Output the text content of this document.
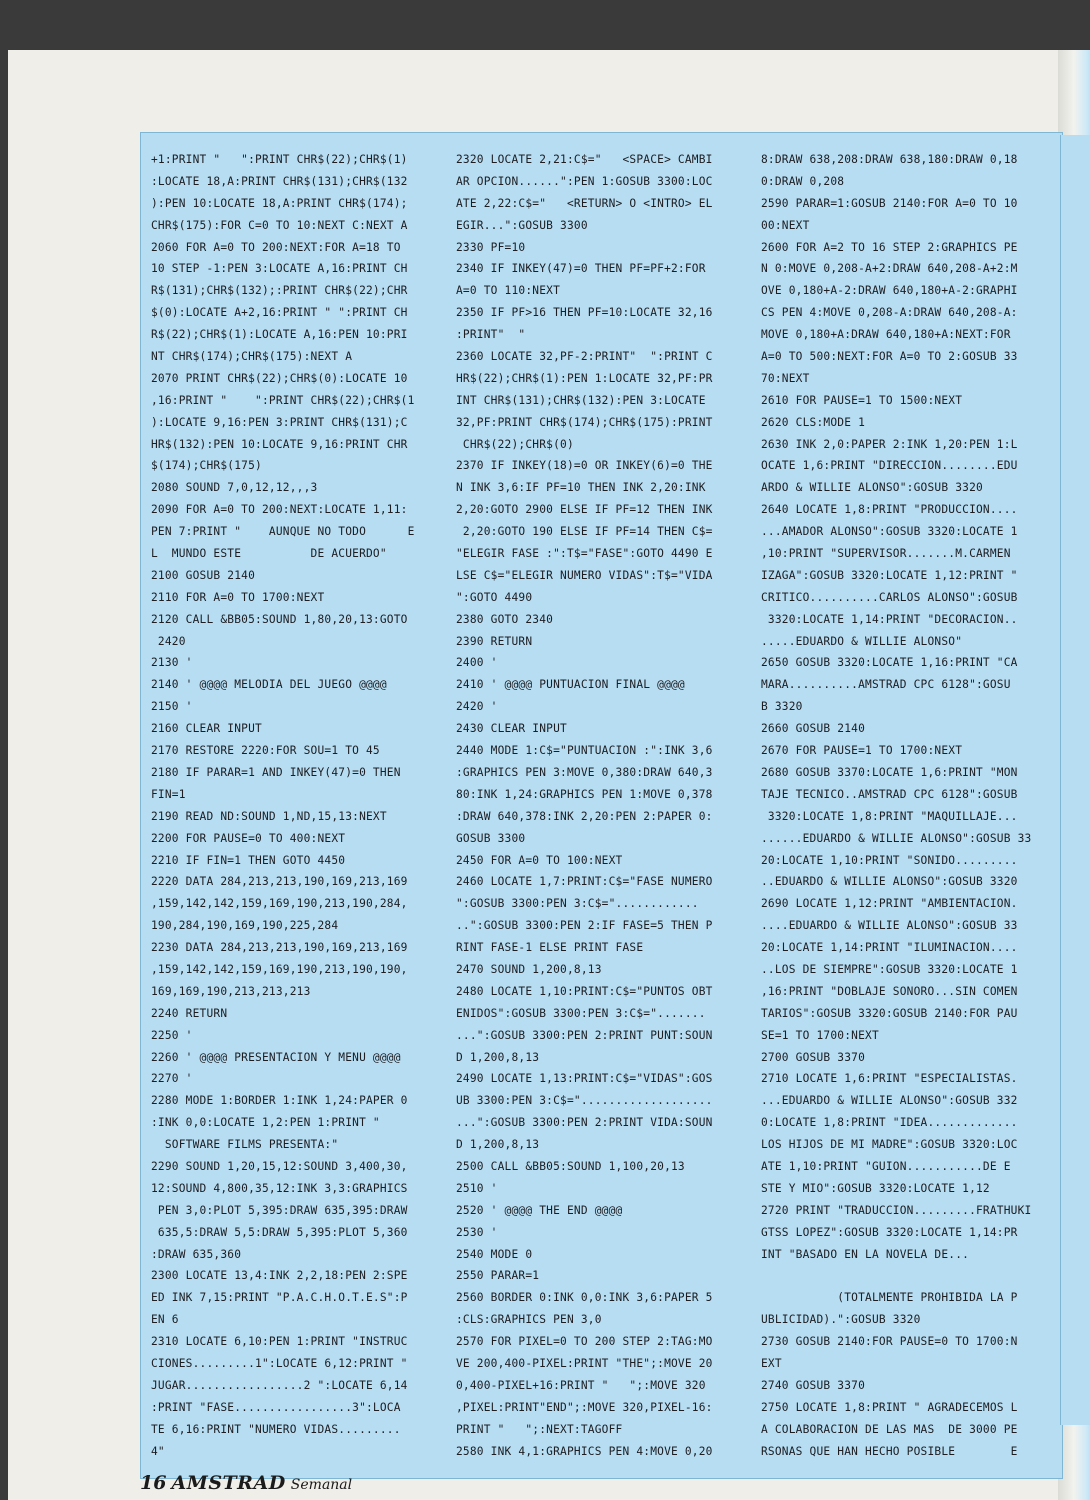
+1:PRINT "   ":PRINT CHR$(22);CHR$(1)
:LOCATE 18,A:PRINT CHR$(131);CHR$(132
):PEN 10:LOCATE 18,A:PRINT CHR$(174);
CHR$(175):FOR C=0 TO 10:NEXT C:NEXT A
2060 FOR A=0 TO 200:NEXT:FOR A=18 TO
10 STEP -1:PEN 3:LOCATE A,16:PRINT CH
R$(131);CHR$(132);:PRINT CHR$(22);CHR
$(0):LOCATE A+2,16:PRINT " ":PRINT CH
R$(22);CHR$(1):LOCATE A,16:PEN 10:PRI
NT CHR$(174);CHR$(175):NEXT A
2070 PRINT CHR$(22);CHR$(0):LOCATE 10
,16:PRINT "    ":PRINT CHR$(22);CHR$(1
):LOCATE 9,16:PEN 3:PRINT CHR$(131);C
HR$(132):PEN 10:LOCATE 9,16:PRINT CHR
$(174);CHR$(175)
2080 SOUND 7,0,12,12,,,3
2090 FOR A=0 TO 200:NEXT:LOCATE 1,11:
PEN 7:PRINT "    AUNQUE NO TODO      E
L  MUNDO ESTE          DE ACUERDO"
2100 GOSUB 2140
2110 FOR A=0 TO 1700:NEXT
2120 CALL &BB05:SOUND 1,80,20,13:GOTO
2420
2130 '
2140 ' @@@@ MELODIA DEL JUEGO @@@@
2150 '
2160 CLEAR INPUT
2170 RESTORE 2220:FOR SOU=1 TO 45
2180 IF PARAR=1 AND INKEY(47)=0 THEN
FIN=1
2190 READ ND:SOUND 1,ND,15,13:NEXT
2200 FOR PAUSE=0 TO 400:NEXT
2210 IF FIN=1 THEN GOTO 4450
2220 DATA 284,213,213,190,169,213,169
,159,142,142,159,169,190,213,190,284,
190,284,190,169,190,225,284
2230 DATA 284,213,213,190,169,213,169
,159,142,142,159,169,190,213,190,190,
169,169,190,213,213,213
2240 RETURN
2250 '
2260 ' @@@@ PRESENTACION Y MENU @@@@
2270 '
2280 MODE 1:BORDER 1:INK 1,24:PAPER 0
:INK 0,0:LOCATE 1,2:PEN 1:PRINT "
SOFTWARE FILMS PRESENTA:"
2290 SOUND 1,20,15,12:SOUND 3,400,30,
12:SOUND 4,800,35,12:INK 3,3:GRAPHICS
PEN 3,0:PLOT 5,395:DRAW 635,395:DRAW
635,5:DRAW 5,5:DRAW 5,395:PLOT 5,360
:DRAW 635,360
2300 LOCATE 13,4:INK 2,2,18:PEN 2:SPE
ED INK 7,15:PRINT "P.A.C.H.O.T.E.S":P
EN 6
2310 LOCATE 6,10:PEN 1:PRINT "INSTRUC
CIONES.........1":LOCATE 6,12:PRINT "
JUGAR.................2 ":LOCATE 6,14
:PRINT "FASE.................3":LOCA
TE 6,16:PRINT "NUMERO VIDAS.........
4"
2320 LOCATE 2,21:C$="   <SPACE> CAMBI
AR OPCION......":PEN 1:GOSUB 3300:LOC
ATE 2,22:C$="   <RETURN> O <INTRO> EL
EGIR...":GOSUB 3300
2330 PF=10
2340 IF INKEY(47)=0 THEN PF=PF+2:FOR
A=0 TO 110:NEXT
2350 IF PF>16 THEN PF=10:LOCATE 32,16
:PRINT"  "
2360 LOCATE 32,PF-2:PRINT"  ":PRINT C
HR$(22);CHR$(1):PEN 1:LOCATE 32,PF:PR
INT CHR$(131);CHR$(132):PEN 3:LOCATE
32,PF:PRINT CHR$(174);CHR$(175):PRINT
CHR$(22);CHR$(0)
2370 IF INKEY(18)=0 OR INKEY(6)=0 THE
N INK 3,6:IF PF=10 THEN INK 2,20:INK
2,20:GOTO 2900 ELSE IF PF=12 THEN INK
2,20:GOTO 190 ELSE IF PF=14 THEN C$=
"ELEGIR FASE :":T$="FASE":GOTO 4490 E
LSE C$="ELEGIR NUMERO VIDAS":T$="VIDA
":GOTO 4490
2380 GOTO 2340
2390 RETURN
2400 '
2410 ' @@@@ PUNTUACION FINAL @@@@
2420 '
2430 CLEAR INPUT
2440 MODE 1:C$="PUNTUACION :":INK 3,6
:GRAPHICS PEN 3:MOVE 0,380:DRAW 640,3
80:INK 1,24:GRAPHICS PEN 1:MOVE 0,378
:DRAW 640,378:INK 2,20:PEN 2:PAPER 0:
GOSUB 3300
2450 FOR A=0 TO 100:NEXT
2460 LOCATE 1,7:PRINT:C$="FASE NUMERO
":GOSUB 3300:PEN 3:C$="............
..":GOSUB 3300:PEN 2:IF FASE=5 THEN P
RINT FASE-1 ELSE PRINT FASE
2470 SOUND 1,200,8,13
2480 LOCATE 1,10:PRINT:C$="PUNTOS OBT
ENIDOS":GOSUB 3300:PEN 3:C$=".......
...":GOSUB 3300:PEN 2:PRINT PUNT:SOUN
D 1,200,8,13
2490 LOCATE 1,13:PRINT:C$="VIDAS":GOS
UB 3300:PEN 3:C$="...................
...":GOSUB 3300:PEN 2:PRINT VIDA:SOUN
D 1,200,8,13
2500 CALL &BB05:SOUND 1,100,20,13
2510 '
2520 ' @@@@ THE END @@@@
2530 '
2540 MODE 0
2550 PARAR=1
2560 BORDER 0:INK 0,0:INK 3,6:PAPER 5
:CLS:GRAPHICS PEN 3,0
2570 FOR PIXEL=0 TO 200 STEP 2:TAG:MO
VE 200,400-PIXEL:PRINT "THE";:MOVE 20
0,400-PIXEL+16:PRINT "   ";:MOVE 320
,PIXEL:PRINT"END";:MOVE 320,PIXEL-16:
PRINT "   ";:NEXT:TAGOFF
2580 INK 4,1:GRAPHICS PEN 4:MOVE 0,20
8:DRAW 638,208:DRAW 638,180:DRAW 0,18
0:DRAW 0,208
2590 PARAR=1:GOSUB 2140:FOR A=0 TO 10
00:NEXT
2600 FOR A=2 TO 16 STEP 2:GRAPHICS PE
N 0:MOVE 0,208-A+2:DRAW 640,208-A+2:M
OVE 0,180+A-2:DRAW 640,180+A-2:GRAPHI
CS PEN 4:MOVE 0,208-A:DRAW 640,208-A:
MOVE 0,180+A:DRAW 640,180+A:NEXT:FOR
A=0 TO 500:NEXT:FOR A=0 TO 2:GOSUB 33
70:NEXT
2610 FOR PAUSE=1 TO 1500:NEXT
2620 CLS:MODE 1
2630 INK 2,0:PAPER 2:INK 1,20:PEN 1:L
OCATE 1,6:PRINT "DIRECCION........EDU
ARDO & WILLIE ALONSO":GOSUB 3320
2640 LOCATE 1,8:PRINT "PRODUCCION....
...AMADOR ALONSO":GOSUB 3320:LOCATE 1
,10:PRINT "SUPERVISOR.......M.CARMEN
IZAGA":GOSUB 3320:LOCATE 1,12:PRINT "
CRITICO..........CARLOS ALONSO":GOSUB
3320:LOCATE 1,14:PRINT "DECORACION..
.....EDUARDO & WILLIE ALONSO"
2650 GOSUB 3320:LOCATE 1,16:PRINT "CA
MARA..........AMSTRAD CPC 6128":GOSU
B 3320
2660 GOSUB 2140
2670 FOR PAUSE=1 TO 1700:NEXT
2680 GOSUB 3370:LOCATE 1,6:PRINT "MON
TAJE TECNICO..AMSTRAD CPC 6128":GOSUB
3320:LOCATE 1,8:PRINT "MAQUILLAJE...
......EDUARDO & WILLIE ALONSO":GOSUB 33
20:LOCATE 1,10:PRINT "SONIDO.........
..EDUARDO & WILLIE ALONSO":GOSUB 3320
2690 LOCATE 1,12:PRINT "AMBIENTACION.
....EDUARDO & WILLIE ALONSO":GOSUB 33
20:LOCATE 1,14:PRINT "ILUMINACION....
..LOS DE SIEMPRE":GOSUB 3320:LOCATE 1
,16:PRINT "DOBLAJE SONORO...SIN COMEN
TARIOS":GOSUB 3320:GOSUB 2140:FOR PAU
SE=1 TO 1700:NEXT
2700 GOSUB 3370
2710 LOCATE 1,6:PRINT "ESPECIALISTAS.
...EDUARDO & WILLIE ALONSO":GOSUB 332
0:LOCATE 1,8:PRINT "IDEA.............
LOS HIJOS DE MI MADRE":GOSUB 3320:LOC
ATE 1,10:PRINT "GUION...........DE E
STE Y MIO":GOSUB 3320:LOCATE 1,12
2720 PRINT "TRADUCCION.........FRATHUKI
GTSS LOPEZ":GOSUB 3320:LOCATE 1,14:PR
INT "BASADO EN LA NOVELA DE...
(TOTALMENTE PROHIBIDA LA P
UBLICIDAD).":GOSUB 3320
2730 GOSUB 2140:FOR PAUSE=0 TO 1700:N
EXT
2740 GOSUB 3370
2750 LOCATE 1,8:PRINT " AGRADECEMOS L
A COLABORACION DE LAS MAS  DE 3000 PE
RSONAS QUE HAN HECHO POSIBLE        E
16 AMSTRAD Semanal
